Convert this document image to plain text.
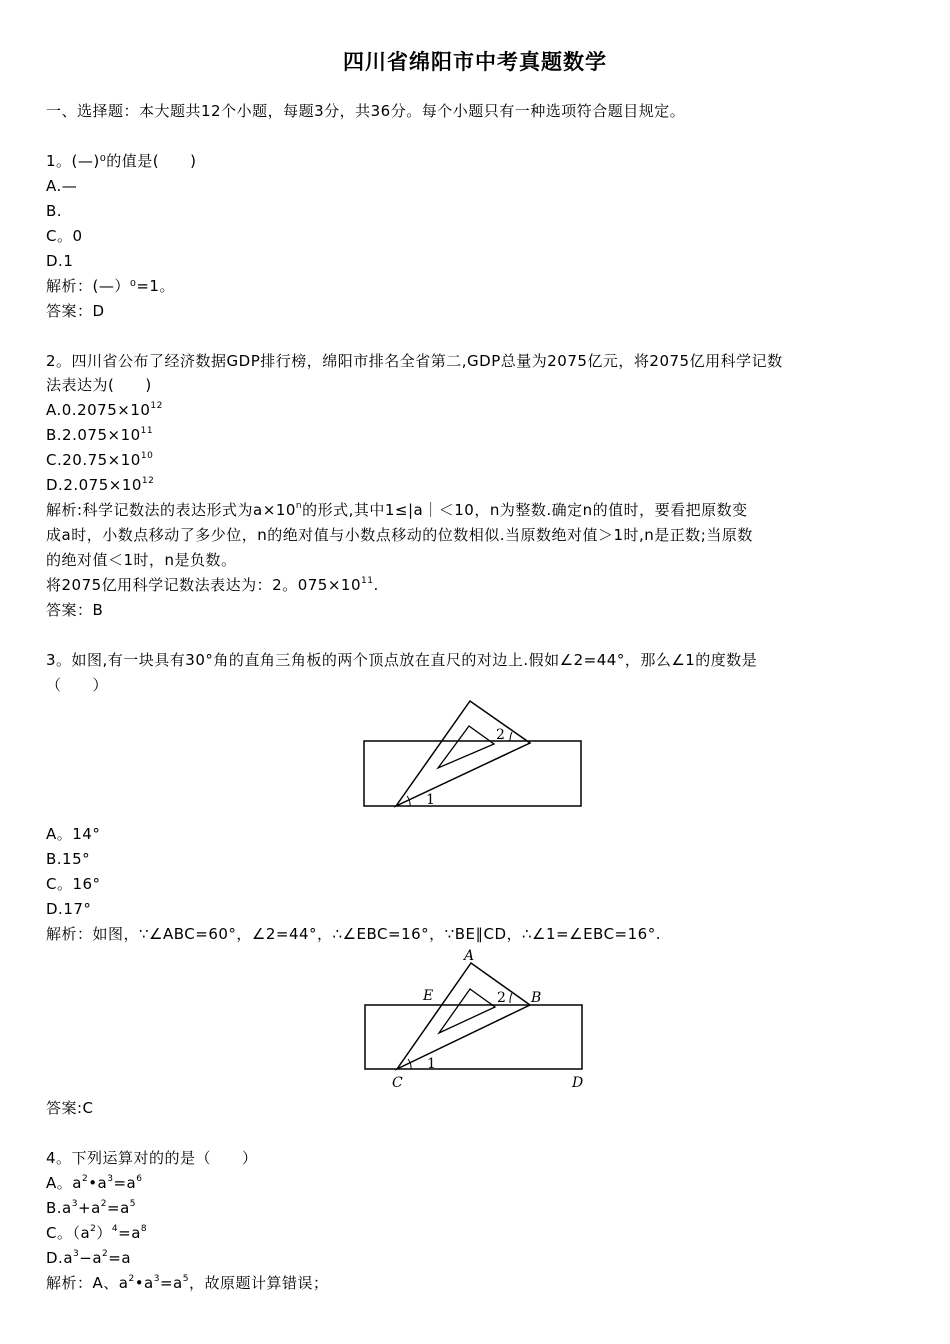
四川省绵阳市中考真题数学
一、选择题：本大题共12个小题，每题3分，共36分。每个小题只有一种选项符合题目规定。
1。(—)⁰的值是(　　)
A.—
B.
C。0
D.1
解析：(—）⁰=1。
答案：D
2。四川省公布了经济数据GDP排行榜，绵阳市排名全省第二,GDP总量为2075亿元，将2075亿用科学记数
法表达为(　　)
$A.0.2075\times 10^{12}$
$B.2.075\times 10^{11}$
$C.20.75\times 10^{10}$
$D.2.075\times 10^{12}$
解析:科学记数法的表达形式为$a\times 10^n$的形式,其中1≤|a｜＜10，n为整数.确定n的值时，要看把原数变
成a时，小数点移动了多少位，n的绝对值与小数点移动的位数相似.当原数绝对值＞1时,n是正数;当原数
的绝对值＜1时，n是负数。
将2075亿用科学记数法表达为：2。$075\times 10^{11}$.
答案：B
3。如图,有一块具有30°角的直角三角板的两个顶点放在直尺的对边上.假如∠2=44°，那么∠1的度数是
（　　）
1
2
A。14°
B.15°
C。16°
D.17°
解析：如图，∵∠ABC=60°，∠2=44°，∴∠EBC=16°，∵BE∥CD，∴∠1=∠EBC=16°.
1
2
A
B
C	D
E
答案:C
4。下列运算对的的是（　　）
A。$a^2•a^3=a^6$
$B.a^3+a^2=a^5$
C。$(a^2)^4=a^8$
$D.a^3-a^2=a$
解析：A、$a^2•a^3=a^5$，故原题计算错误；
